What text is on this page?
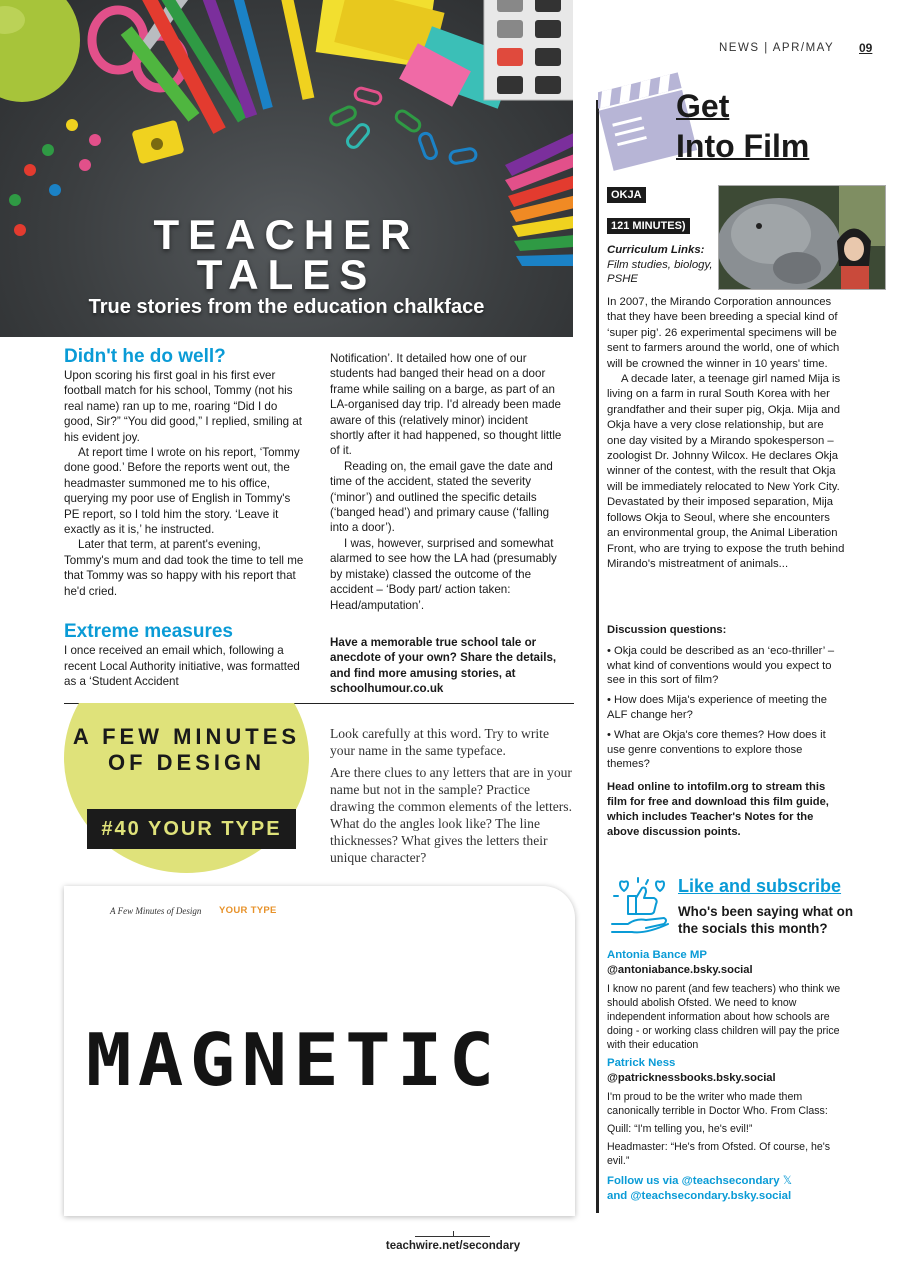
TEACHER
TALES
True stories from the education chalkface
Didn't he do well?

Upon scoring his first goal in his first ever football match for his school, Tommy (not his real name) ran up to me, roaring “Did I do good, Sir?” “You did good,” I replied, smiling at his evident joy.

At report time I wrote on his report, ‘Tommy done good.’ Before the reports went out, the headmaster summoned me to his office, querying my poor use of English in Tommy's PE report, so I told him the story. ‘Leave it exactly as it is,’ he instructed.

Later that term, at parent's evening, Tommy's mum and dad took the time to tell me that Tommy was so happy with his report that he'd cried.

Extreme measures
I once received an email which, following a recent Local Authority initiative, was formatted as a ‘Student Accident

Notification’. It detailed how one of our students had banged their head on a door frame while sailing on a barge, as part of an LA-organised day trip. I'd already been made aware of this (relatively minor) incident shortly after it had happened, so thought little of it.

Reading on, the email gave the date and time of the accident, stated the severity (‘minor’) and outlined the specific details (‘banged head’) and primary cause (‘falling into a door’).

I was, however, surprised and somewhat alarmed to see how the LA had (presumably by mistake) classed the outcome of the accident – ‘Body part/ action taken: Head/amputation’.

Have a memorable true school tale or anecdote of your own? Share the details, and find more amusing stories, at schoolhumour.co.uk

A FEW MINUTES OF DESIGN
#40 YOUR TYPE

Look carefully at this word. Try to write your name in the same typeface.

Are there clues to any letters that are in your name but not in the sample? Practice drawing the common elements of the letters. What do the angles look like? The line thicknesses? What gives the letters their unique character?

A Few Minutes of Design YOUR TYPE
MAGNETIC
teachwire.net/secondary
NEWS | APR/MAY 09
Get
Into Film
OKJA
121 MINUTES)
Curriculum Links:
Film studies, biology, PSHE

In 2007, the Mirando Corporation announces that they have been breeding a special kind of ‘super pig’. 26 experimental specimens will be sent to farmers around the world, one of which will be crowned the winner in 10 years' time.

A decade later, a teenage girl named Mija is living on a farm in rural South Korea with her grandfather and their super pig, Okja. Mija and Okja have a very close relationship, but are one day visited by a Mirando spokesperson – zoologist Dr. Johnny Wilcox. He declares Okja winner of the contest, with the result that Okja will be immediately relocated to New York City. Devastated by their imposed separation, Mija follows Okja to Seoul, where she encounters an environmental group, the Animal Liberation Front, who are trying to expose the truth behind Mirando's mistreatment of animals...

Discussion questions:

• Okja could be described as an ‘eco-thriller’ – what kind of conventions would you expect to see in this sort of film?

• How does Mija's experience of meeting the ALF change her?

• What are Okja's core themes? How does it use genre conventions to explore those themes?

Head online to intofilm.org to stream this film for free and download this film guide, which includes Teacher's Notes for the above discussion points.

Like and subscribe
Who's been saying what on the socials this month?

Antonia Bance MP

@antoniabance.bsky.social

I know no parent (and few teachers) who think we should abolish Ofsted. We need to know independent information about how schools are doing - or working class children will pay the price with their education

Patrick Ness

@patricknessbooks.bsky.social

I'm proud to be the writer who made them canonically terrible in Doctor Who. From Class:

Quill: “I'm telling you, he's evil!”

Headmaster: “He's from Ofsted. Of course, he's evil.”

Follow us via @teachsecondary 𝕏
and @teachsecondary.bsky.social
